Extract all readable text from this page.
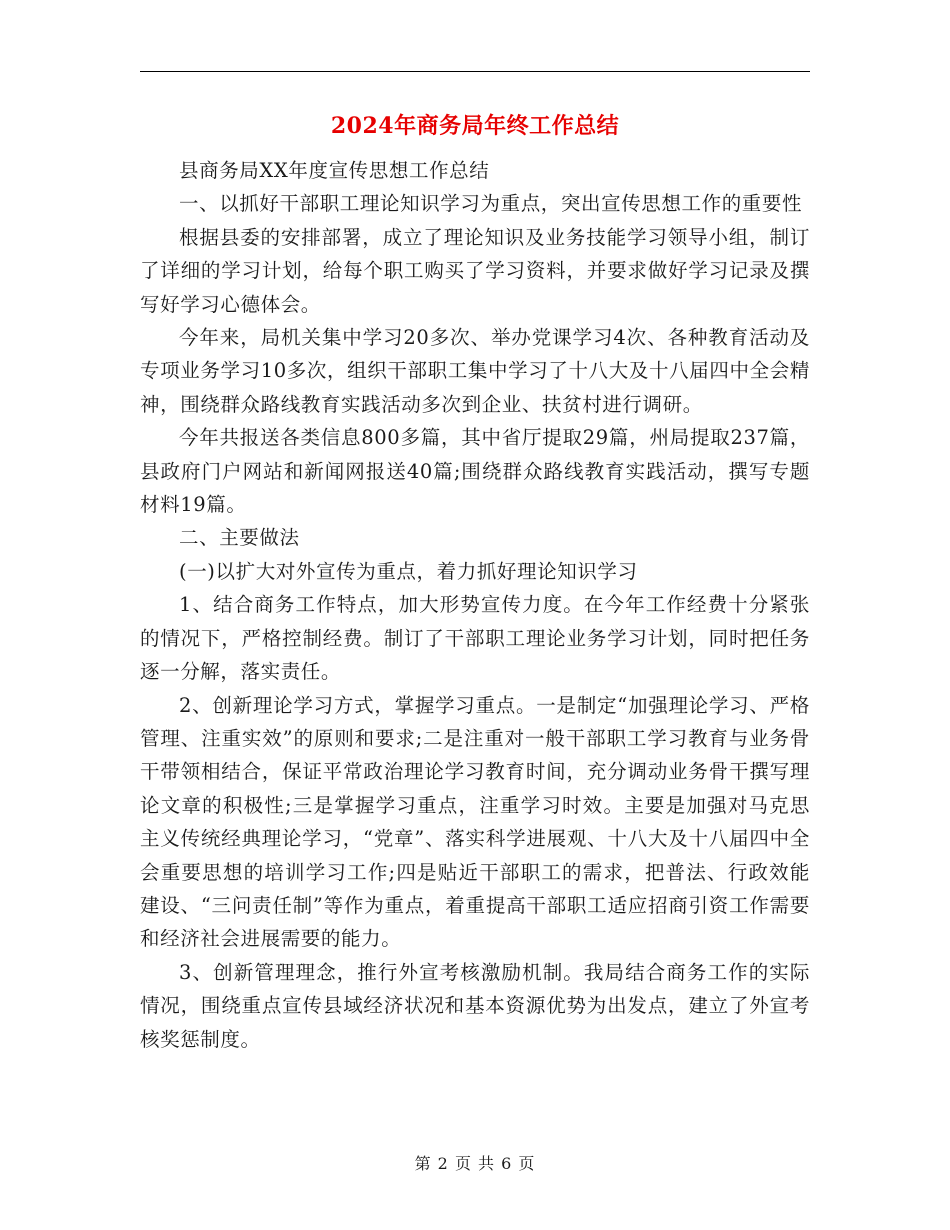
2024年商务局年终工作总结

县商务局XX年度宣传思想工作总结

一、以抓好干部职工理论知识学习为重点，突出宣传思想工作的重要性

根据县委的安排部署，成立了理论知识及业务技能学习领导小组，制订了详细的学习计划，给每个职工购买了学习资料，并要求做好学习记录及撰写好学习心德体会。

今年来，局机关集中学习20多次、举办党课学习4次、各种教育活动及专项业务学习10多次，组织干部职工集中学习了十八大及十八届四中全会精神，围绕群众路线教育实践活动多次到企业、扶贫村进行调研。

今年共报送各类信息800多篇，其中省厅提取29篇，州局提取237篇，县政府门户网站和新闻网报送40篇;围绕群众路线教育实践活动，撰写专题材料19篇。

二、主要做法

(一)以扩大对外宣传为重点，着力抓好理论知识学习

1、结合商务工作特点，加大形势宣传力度。在今年工作经费十分紧张的情况下，严格控制经费。制订了干部职工理论业务学习计划，同时把任务逐一分解，落实责任。

2、创新理论学习方式，掌握学习重点。一是制定“加强理论学习、严格管理、注重实效”的原则和要求;二是注重对一般干部职工学习教育与业务骨干带领相结合，保证平常政治理论学习教育时间，充分调动业务骨干撰写理论文章的积极性;三是掌握学习重点，注重学习时效。主要是加强对马克思主义传统经典理论学习，“党章”、落实科学进展观、十八大及十八届四中全会重要思想的培训学习工作;四是贴近干部职工的需求，把普法、行政效能建设、“三问责任制”等作为重点，着重提高干部职工适应招商引资工作需要和经济社会进展需要的能力。

3、创新管理理念，推行外宣考核激励机制。我局结合商务工作的实际情况，围绕重点宣传县域经济状况和基本资源优势为出发点，建立了外宣考核奖惩制度。

第 2 页 共 6 页
